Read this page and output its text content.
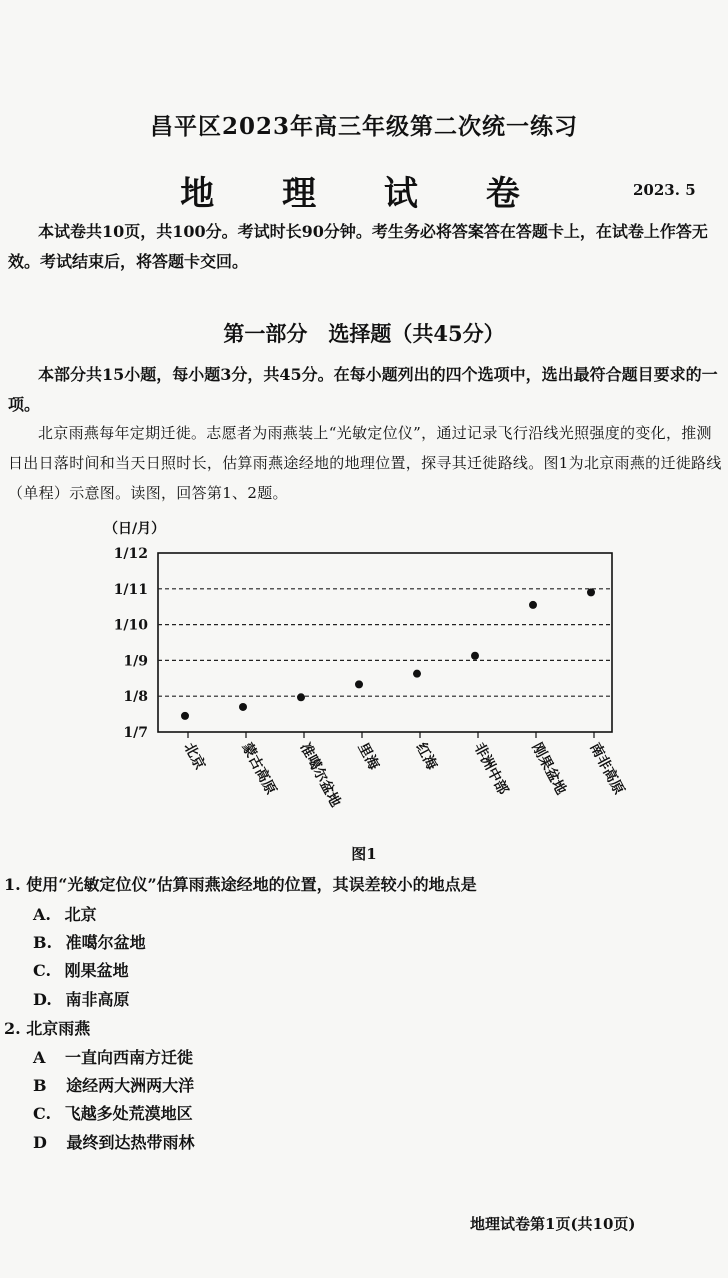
昌平区2023年高三年级第二次统一练习
地 理 试 卷	2023. 5
本试卷共10页，共100分。考试时长90分钟。考生务必将答案答在答题卡上，在试卷上作答无效。考试结束后，将答题卡交回。
第一部分　选择题（共45分）
本部分共15小题，每小题3分，共45分。在每小题列出的四个选项中，选出最符合题目要求的一项。
北京雨燕每年定期迁徙。志愿者为雨燕装上“光敏定位仪”，通过记录飞行沿线光照强度的变化，推测日出日落时间和当天日照时长，估算雨燕途经地的地理位置，探寻其迁徙路线。图1为北京雨燕的迁徙路线（单程）示意图。读图，回答第1、2题。
（日/月）
1/7
1/8
1/9
1/10
1/11
1/12
北京 蒙古高原 准噶尔盆地 里海 红海 非洲中部 刚果盆地 南非高原
图1
1. 使用“光敏定位仪”估算雨燕途经地的位置，其误差较小的地点是
A. 北京
B. 准噶尔盆地
C. 刚果盆地
D. 南非高原
2. 北京雨燕
A 一直向西南方迁徙
B 途经两大洲两大洋
C. 飞越多处荒漠地区
D 最终到达热带雨林
地理试卷第1页(共10页)
